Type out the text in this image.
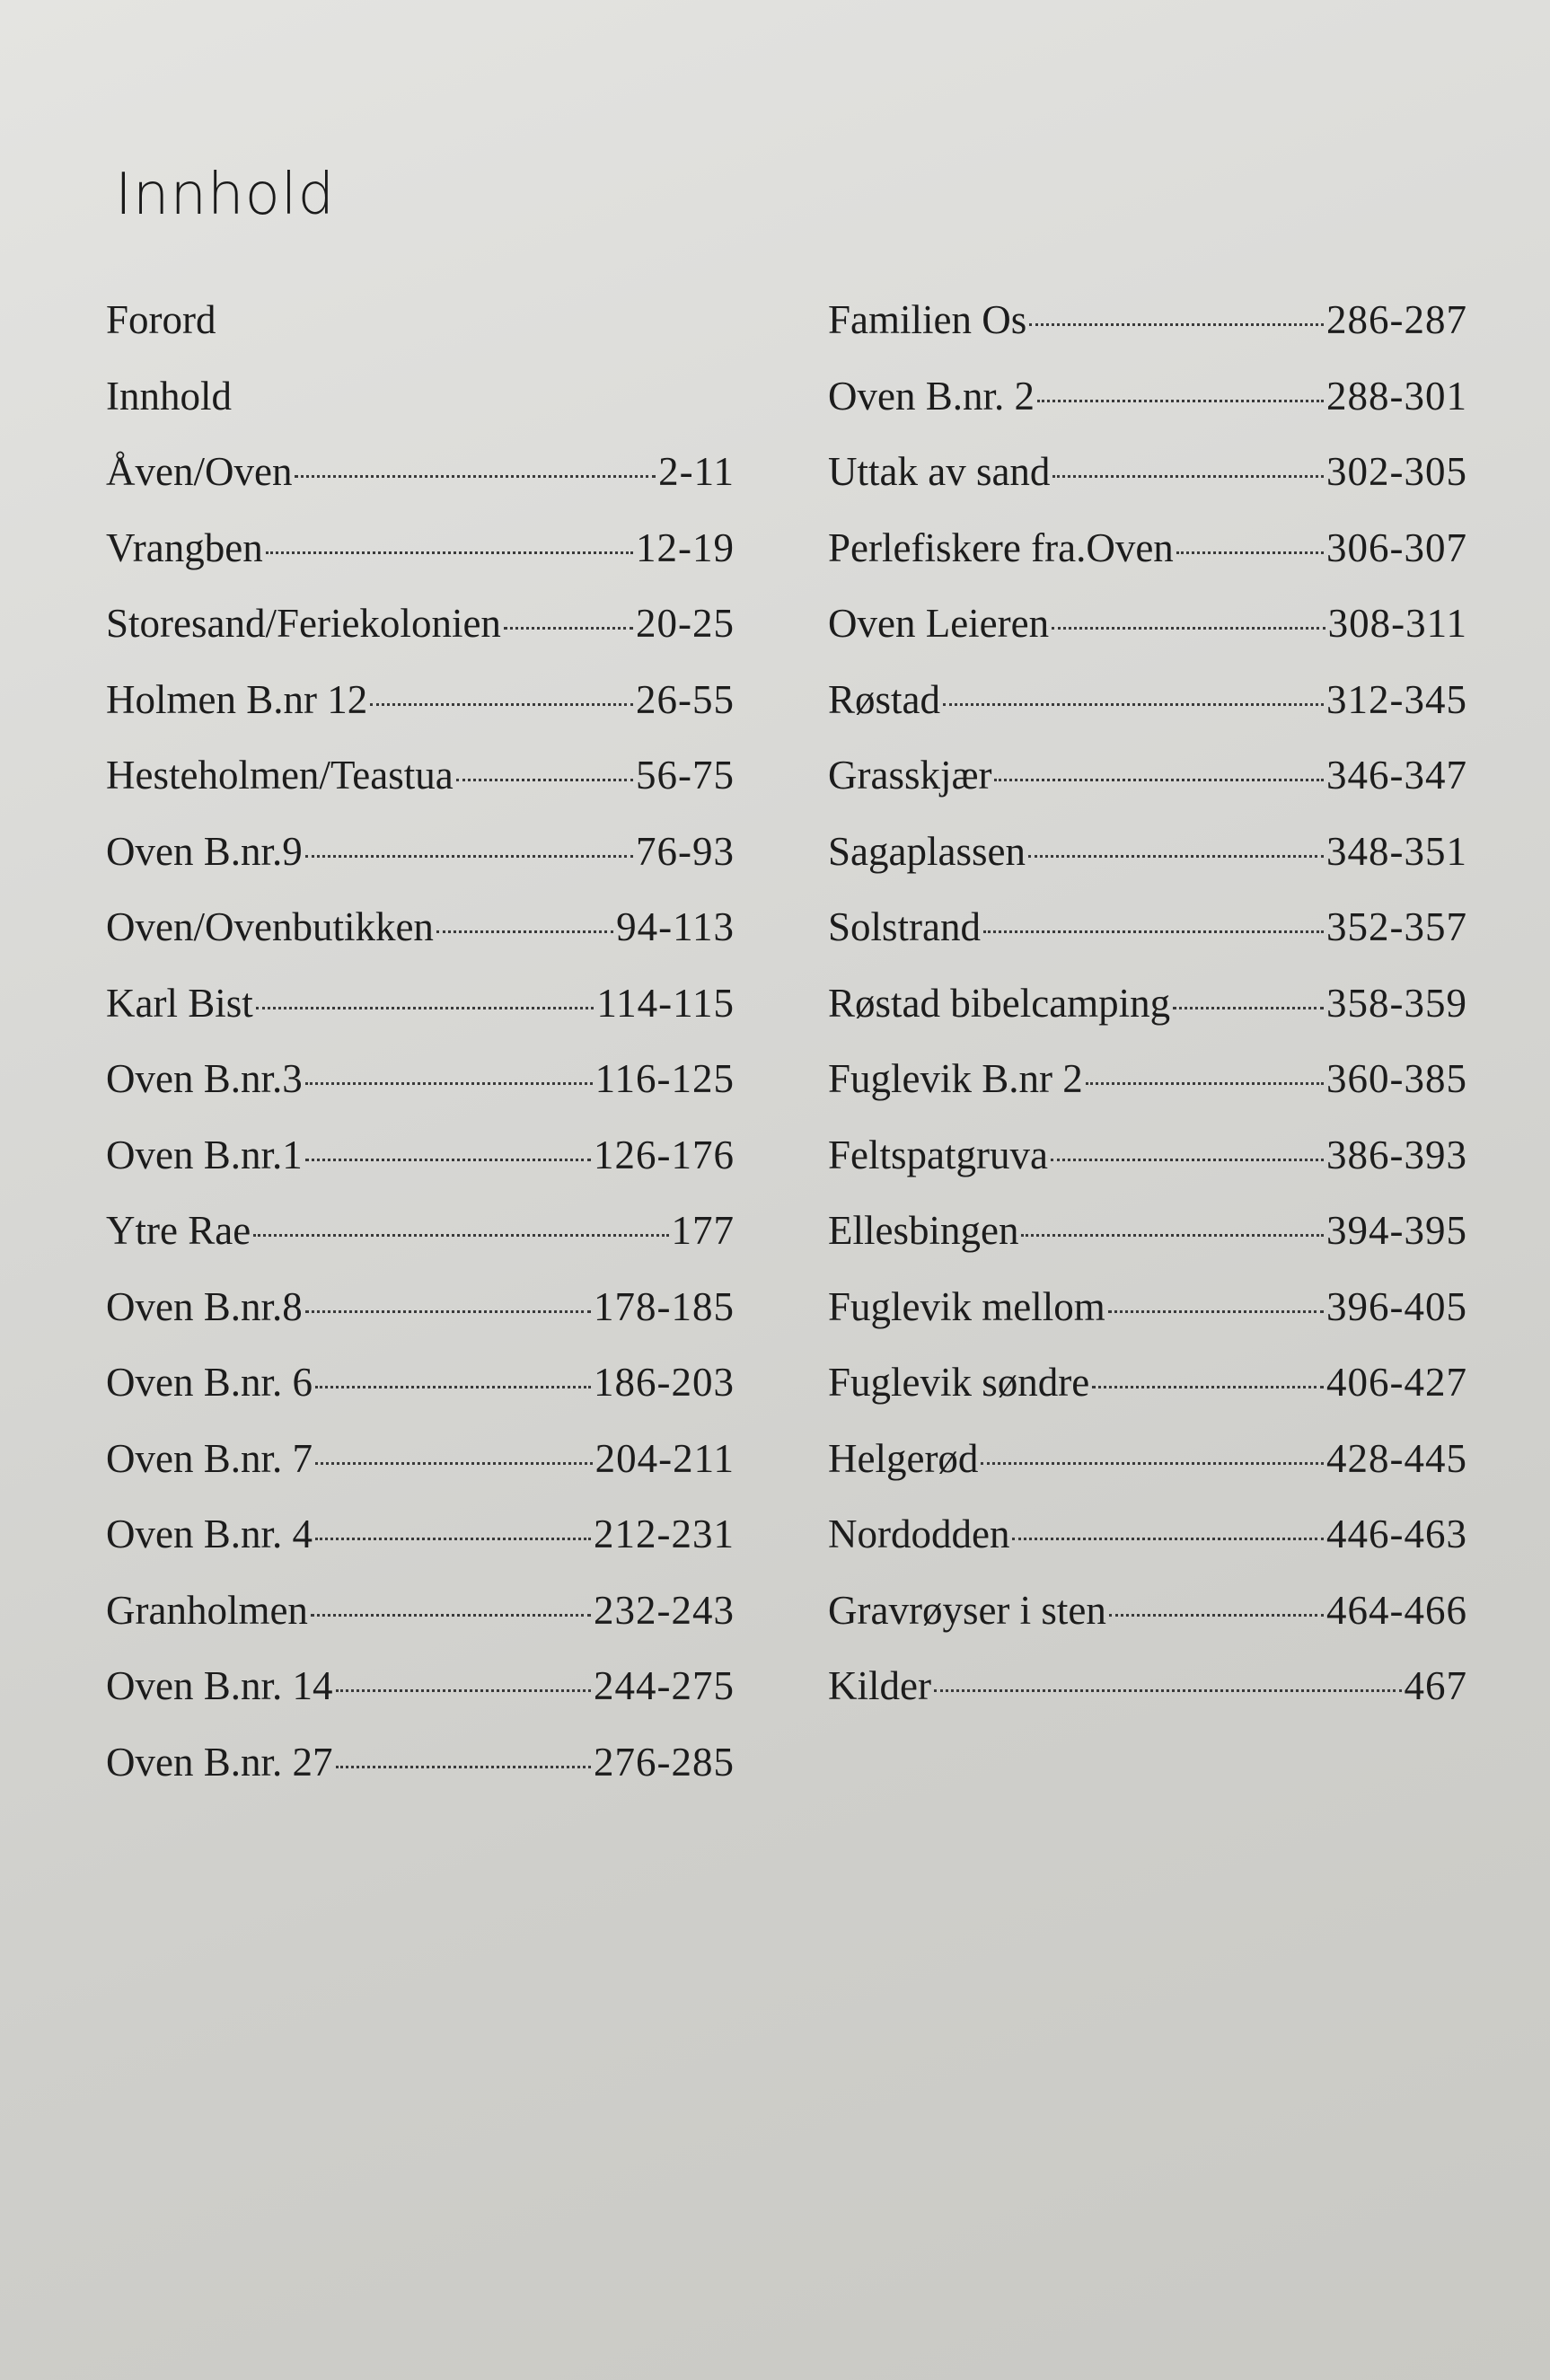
Innhold
Forord
Innhold
Åven/Oven	2-11
Vrangben	12-19
Storesand/Feriekolonien	20-25
Holmen B.nr 12	26-55
Hesteholmen/Teastua	56-75
Oven B.nr.9	76-93
Oven/Ovenbutikken	94-113
Karl Bist	114-115
Oven B.nr.3	116-125
Oven B.nr.1	126-176
Ytre Rae	177
Oven B.nr.8	178-185
Oven B.nr. 6	186-203
Oven B.nr. 7	204-211
Oven B.nr. 4	212-231
Granholmen	232-243
Oven B.nr. 14	244-275
Oven B.nr. 27	276-285
Familien Os	286-287
Oven B.nr. 2	288-301
Uttak av sand	302-305
Perlefiskere fra.Oven	306-307
Oven Leieren	308-311
Røstad	312-345
Grasskjær	346-347
Sagaplassen	348-351
Solstrand	352-357
Røstad bibelcamping	358-359
Fuglevik B.nr 2	360-385
Feltspatgruva	386-393
Ellesbingen	394-395
Fuglevik mellom	396-405
Fuglevik søndre	406-427
Helgerød	428-445
Nordodden	446-463
Gravrøyser i sten	464-466
Kilder	467
